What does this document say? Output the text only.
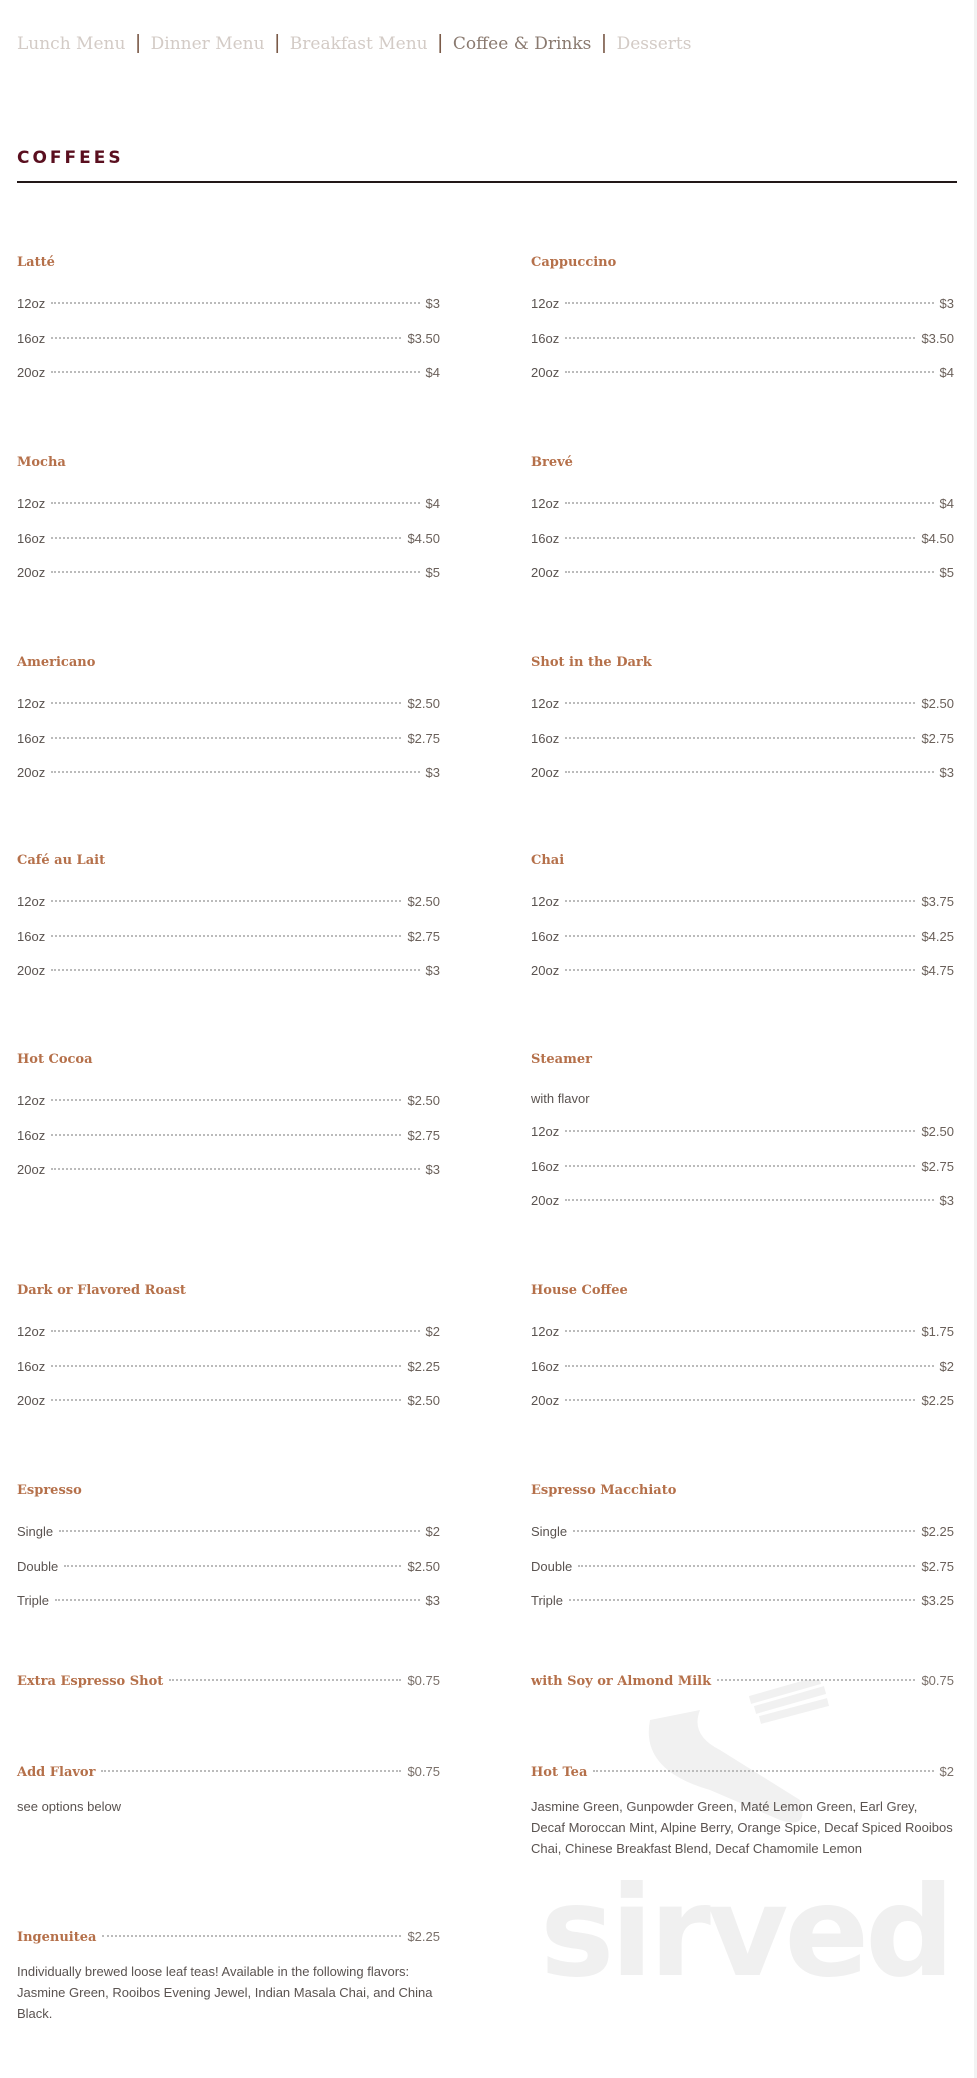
sirved
Lunch Menu | Dinner Menu | Breakfast Menu | Coffee & Drinks | Desserts
COFFEES
Latté
12oz	$3
16oz	$3.50
20oz	$4
Cappuccino
12oz	$3
16oz	$3.50
20oz	$4
Mocha
12oz	$4
16oz	$4.50
20oz	$5
Brevé
12oz	$4
16oz	$4.50
20oz	$5
Americano
12oz	$2.50
16oz	$2.75
20oz	$3
Shot in the Dark
12oz	$2.50
16oz	$2.75
20oz	$3
Café au Lait
12oz	$2.50
16oz	$2.75
20oz	$3
Chai
12oz	$3.75
16oz	$4.25
20oz	$4.75
Hot Cocoa
12oz	$2.50
16oz	$2.75
20oz	$3
Steamer
with flavor
12oz	$2.50
16oz	$2.75
20oz	$3
Dark or Flavored Roast
12oz	$2
16oz	$2.25
20oz	$2.50
House Coffee
12oz	$1.75
16oz	$2
20oz	$2.25
Espresso
Single	$2
Double	$2.50
Triple	$3
Espresso Macchiato
Single	$2.25
Double	$2.75
Triple	$3.25
Extra Espresso Shot	$0.75	with Soy or Almond Milk	$0.75
Add Flavor	$0.75
see options below
Hot Tea	$2
Jasmine Green, Gunpowder Green, Maté Lemon Green, Earl Grey, Decaf Moroccan Mint, Alpine Berry, Orange Spice, Decaf Spiced Rooibos Chai, Chinese Breakfast Blend, Decaf Chamomile Lemon
Ingenuitea	$2.25
Individually brewed loose leaf teas! Available in the following flavors: Jasmine Green, Rooibos Evening Jewel, Indian Masala Chai, and China Black.
